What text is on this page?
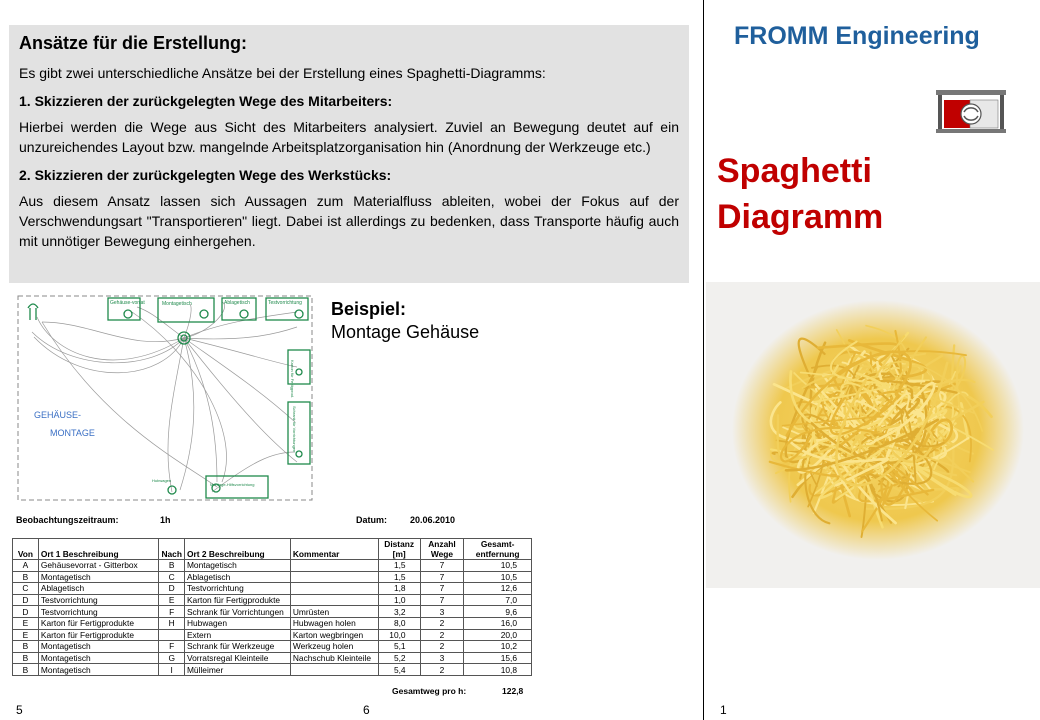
Ansätze für die Erstellung:

Es gibt zwei unterschiedliche Ansätze bei der Erstellung eines Spaghetti-Diagramms:

1. Skizzieren der zurückgelegten Wege des Mitarbeiters:

Hierbei werden die Wege aus Sicht des Mitarbeiters analysiert. Zuviel an Bewegung deutet auf ein unzureichendes Layout bzw. mangelnde Arbeitsplatzorganisation hin (Anordnung der Werkzeuge etc.)

2. Skizzieren der zurückgelegten Wege des Werkstücks:

Aus diesem Ansatz lassen sich Aussagen zum Materialfluss ableiten, wobei der Fokus auf der Verschwendungsart "Transportieren" liegt. Dabei ist allerdings zu bedenken, dass Transporte häufig auch mit unnötiger Bewegung einhergehen.

Gehäuse-vorrat	Montagetisch	Ablagetisch	Testvorrichtung
Karton für Fertigprod.
Schrank für Vorrichtungen
Montage-Hilfsvorrichtung
Hubwagen
GEHÄUSE-
MONTAGE
Beispiel:
Montage Gehäuse
Beobachtungszeitraum:	1h	Datum:	20.06.2010
Von	Ort 1 Beschreibung	Nach	Ort 2 Beschreibung	Kommentar	Distanz [m]	Anzahl Wege	Gesamt-entfernung
A	Gehäusevorrat - Gitterbox	B	Montagetisch		1,5	7	10,5
B	Montagetisch	C	Ablagetisch		1,5	7	10,5
C	Ablagetisch	D	Testvorrichtung		1,8	7	12,6
D	Testvorrichtung	E	Karton für Fertigprodukte		1,0	7	7,0
D	Testvorrichtung	F	Schrank für Vorrichtungen	Umrüsten	3,2	3	9,6
E	Karton für Fertigprodukte	H	Hubwagen	Hubwagen holen	8,0	2	16,0
E	Karton für Fertigprodukte		Extern	Karton wegbringen	10,0	2	20,0
B	Montagetisch	F	Schrank für Werkzeuge	Werkzeug holen	5,1	2	10,2
B	Montagetisch	G	Vorratsregal Kleinteile	Nachschub Kleinteile	5,2	3	15,6
B	Montagetisch	I	Mülleimer		5,4	2	10,8
Gesamtweg pro h:	122,8
5	6
FROMM Engineering
Spaghetti
Diagramm
1
